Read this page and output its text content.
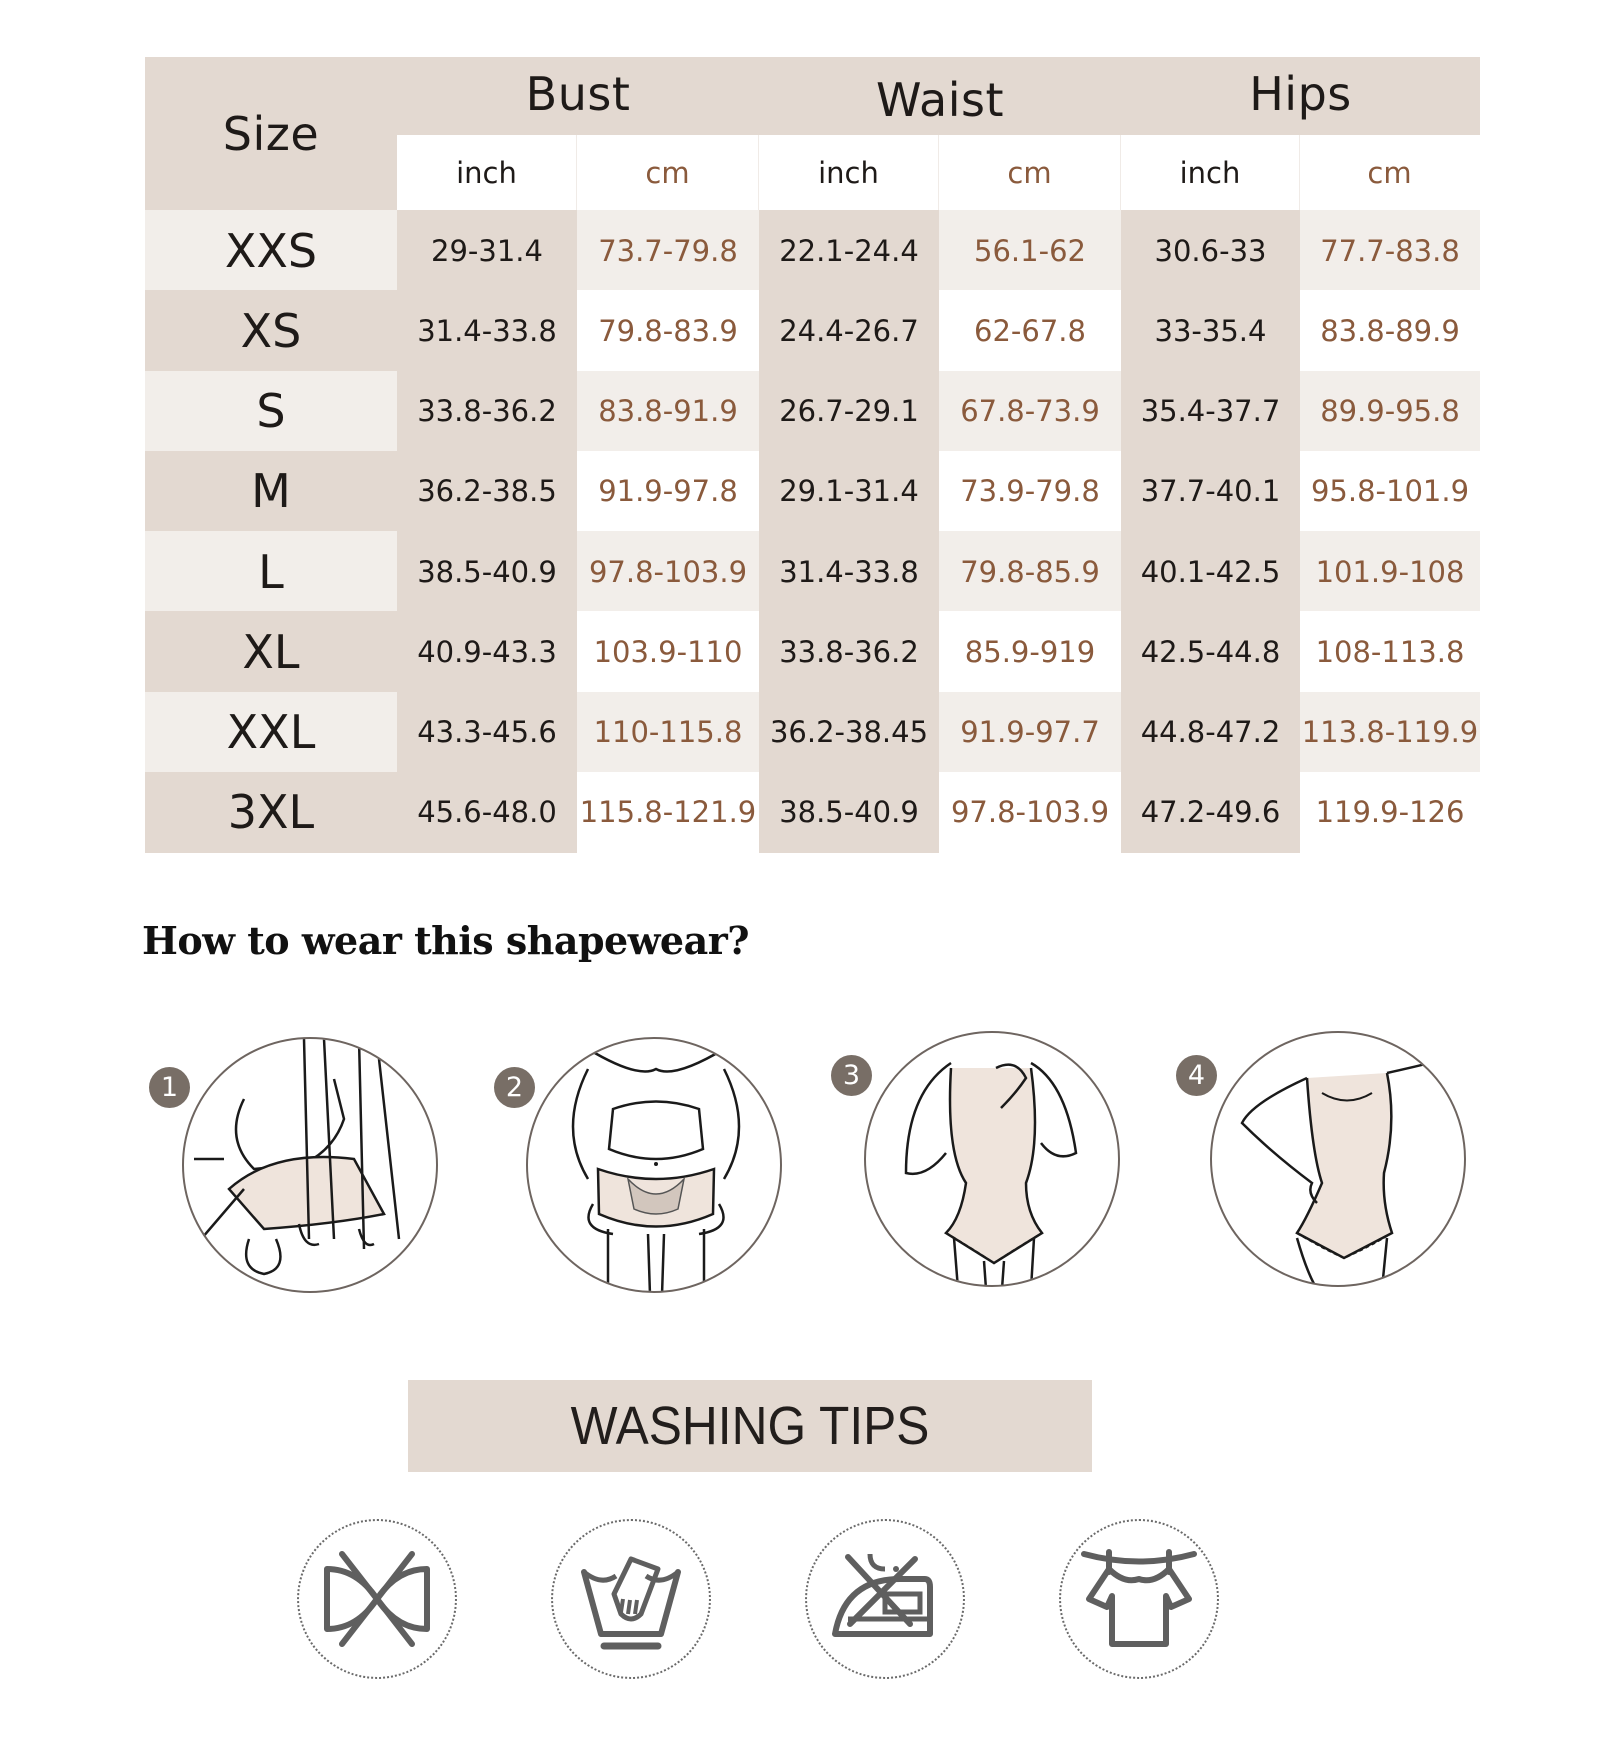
Size
Bust	Waist	Hips
inch	cm	inch	cm	inch	cm
XXS	29-31.4 73.7-79.8 22.1-24.4 56.1-62 30.6-33 77.7-83.8
XS	31.4-33.8 79.8-83.9 24.4-26.7 62-67.8 33-35.4 83.8-89.9
S	33.8-36.2 83.8-91.9 26.7-29.1 67.8-73.9 35.4-37.7 89.9-95.8
M	36.2-38.5 91.9-97.8 29.1-31.4 73.9-79.8 37.7-40.1 95.8-101.9
L	38.5-40.9 97.8-103.9 31.4-33.8 79.8-85.9 40.1-42.5 101.9-108
XL	40.9-43.3 103.9-110 33.8-36.2 85.9-919 42.5-44.8 108-113.8
XXL	43.3-45.6 110-115.8 36.2-38.45 91.9-97.7 44.8-47.2 113.8-119.9
3XL	45.6-48.0 115.8-121.9 38.5-40.9 97.8-103.9 47.2-49.6 119.9-126
How to wear this shapewear?
1	2	3	4
WASHING TIPS
